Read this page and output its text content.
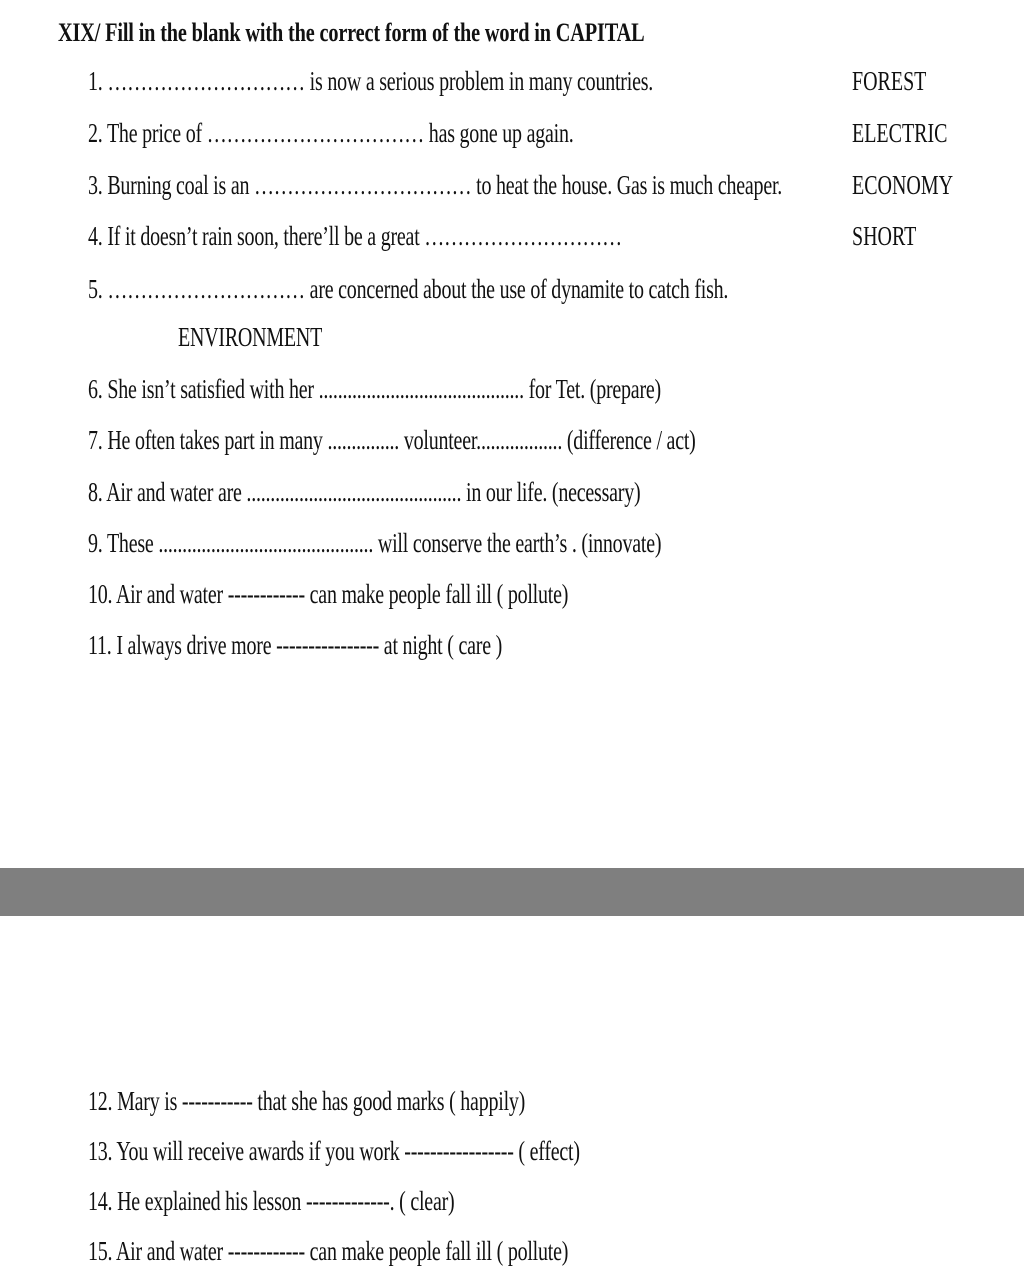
XIX/ Fill in the blank with the correct form of the word in CAPITAL
1. ………………………… is now a serious problem in many countries.	FOREST
2. The price of …………………………… has gone up again.	ELECTRIC
3. Burning coal is an …………………………… to heat the house. Gas is much cheaper.	ECONOMY
4. If it doesn’t rain soon, there’ll be a great …………………………	SHORT
5. ………………………… are concerned about the use of dynamite to catch fish.
ENVIRONMENT
6. She isn’t satisfied with her ........................................... for Tet. (prepare)
7. He often takes part in many ............... volunteer.................. (difference / act)
8. Air and water are ............................................. in our life. (necessary)
9. These ............................................. will conserve the earth’s . (innovate)
10. Air and water ------------ can make people fall ill ( pollute)
11. I always drive more ---------------- at night ( care )
12. Mary is ----------- that she has good marks ( happily)
13. You will receive awards if you work ----------------- ( effect)
14. He explained his lesson -------------. ( clear)
15. Air and water ------------ can make people fall ill ( pollute)
